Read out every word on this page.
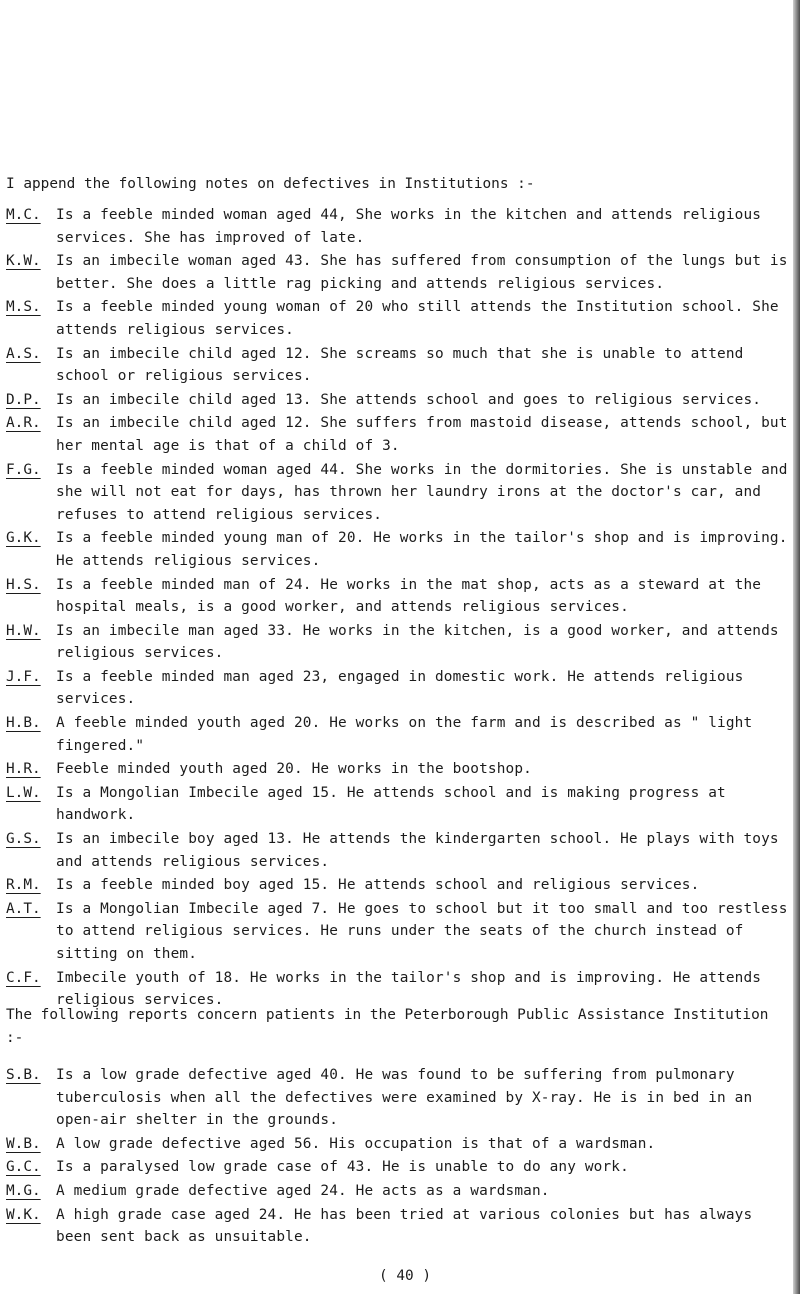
I append the following notes on defectives in Institutions :-
M.C.	Is a feeble minded woman aged 44, She works in the kitchen and attends religious services. She has improved of late.
K.W.	Is an imbecile woman aged 43. She has suffered from consumption of the lungs but is better. She does a little rag picking and attends religious services.
M.S.	Is a feeble minded young woman of 20 who still attends the Institution school. She attends religious services.
A.S.	Is an imbecile child aged 12. She screams so much that she is unable to attend school or religious services.
D.P.	Is an imbecile child aged 13. She attends school and goes to religious services.
A.R.	Is an imbecile child aged 12. She suffers from mastoid disease, attends school, but her mental age is that of a child of 3.
F.G.	Is a feeble minded woman aged 44. She works in the dormitories. She is unstable and she will not eat for days, has thrown her laundry irons at the doctor's car, and refuses to attend religious services.
G.K.	Is a feeble minded young man of 20. He works in the tailor's shop and is improving. He attends religious services.
H.S.	Is a feeble minded man of 24. He works in the mat shop, acts as a steward at the hospital meals, is a good worker, and attends religious services.
H.W.	Is an imbecile man aged 33. He works in the kitchen, is a good worker, and attends religious services.
J.F.	Is a feeble minded man aged 23, engaged in domestic work. He attends religious services.
H.B.	A feeble minded youth aged 20. He works on the farm and is described as " light fingered."
H.R.	Feeble minded youth aged 20. He works in the bootshop.
L.W.	Is a Mongolian Imbecile aged 15. He attends school and is making progress at handwork.
G.S.	Is an imbecile boy aged 13. He attends the kindergarten school. He plays with toys and attends religious services.
R.M.	Is a feeble minded boy aged 15. He attends school and religious services.
A.T.	Is a Mongolian Imbecile aged 7. He goes to school but it too small and too restless to attend religious services. He runs under the seats of the church instead of sitting on them.
C.F.	Imbecile youth of 18. He works in the tailor's shop and is improving. He attends religious services.
The following reports concern patients in the Peterborough Public Assistance Institution :-
S.B.	Is a low grade defective aged 40. He was found to be suffering from pulmonary tuberculosis when all the defectives were examined by X-ray. He is in bed in an open-air shelter in the grounds.
W.B.	A low grade defective aged 56. His occupation is that of a wardsman.
G.C.	Is a paralysed low grade case of 43. He is unable to do any work.
M.G.	A medium grade defective aged 24. He acts as a wardsman.
W.K.	A high grade case aged 24. He has been tried at various colonies but has always been sent back as unsuitable.
( 40 )
